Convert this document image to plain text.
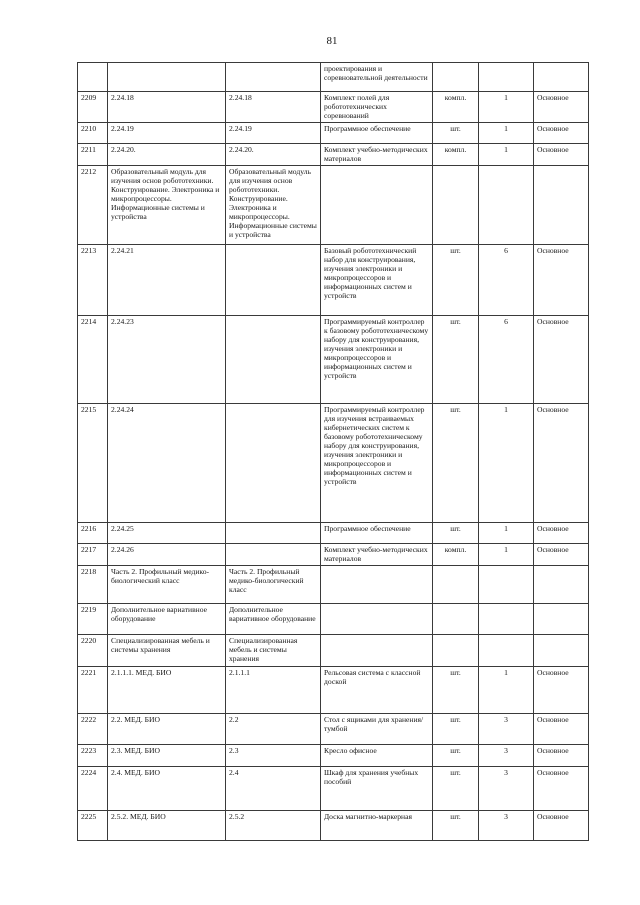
81
			проектирования и соревновательной деятельности			
2209	2.24.18	2.24.18	Комплект полей для робототехнических соревнований	компл.	1	Основное
2210	2.24.19	2.24.19	Программное обеспечение	шт.	1	Основное
2211	2.24.20.	2.24.20.	Комплект учебно-методических материалов	компл.	1	Основное
2212	Образовательный модуль для изучения основ робототехники. Конструирование. Электроника и микропроцессоры. Информационные системы и устройства	Образовательный модуль для изучения основ робототехники. Конструирование. Электроника и микропроцессоры. Информационные системы и устройства				
2213	2.24.21		Базовый робототехнический набор для конструирования, изучения электроники и микропроцессоров и информационных систем и устройств	шт.	6	Основное
2214	2.24.23		Программируемый контроллер к базовому робототехническому набору для конструирования, изучения электроники и микропроцессоров и информационных систем и устройств	шт.	6	Основное
2215	2.24.24		Программируемый контроллер для изучения встраиваемых кибернетических систем к базовому робототехническому набору для конструирования, изучения электроники и микропроцессоров и информационных систем и устройств	шт.	1	Основное
2216	2.24.25		Программное обеспечение	шт.	1	Основное
2217	2.24.26		Комплект учебно-методических материалов	компл.	1	Основное
2218	Часть 2. Профильный медико-биологический класс	Часть 2. Профильный медико-биологический класс				
2219	Дополнительное вариативное оборудование	Дополнительное вариативное оборудование				
2220	Специализированная мебель и системы хранения	Специализированная мебель и системы хранения				
2221	2.1.1.1. МЕД. БИО	2.1.1.1	Рельсовая система с классной доской	шт.	1	Основное
2222	2.2. МЕД. БИО	2.2	Стол с ящиками для хранения/тумбой	шт.	3	Основное
2223	2.3. МЕД. БИО	2.3	Кресло офисное	шт.	3	Основное
2224	2.4. МЕД. БИО	2.4	Шкаф для хранения учебных пособий	шт.	3	Основное
2225	2.5.2. МЕД. БИО	2.5.2	Доска магнитно-маркерная	шт.	3	Основное
